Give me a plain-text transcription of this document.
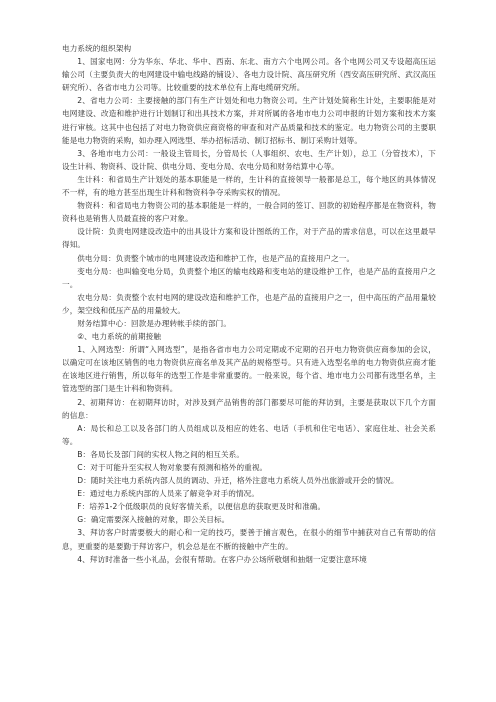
电力系统的组织架构

1、国家电网：分为华东、华北、华中、西南、东北、南方六个电网公司。各个电网公司又专设超高压运输公司（主要负责大的电网建设中输电线路的铺设）、各电力设计院、高压研究所（西安高压研究所、武汉高压研究所）、各省市电力公司等。比较重要的技术单位有上海电缆研究所。

2、省电力公司：主要接触的部门有生产计划处和电力物资公司。生产计划处简称生计处，主要职能是对电网建设、改造和维护进行计划制订和出具技术方案，并对所属的各地市电力公司申报的计划方案和技术方案进行审核。这其中也包括了对电力物资供应商资格的审查和对产品质量和技术的鉴定。电力物资公司的主要职能是电力物资的采购，如办理入网选型、举办招标活动、制订招标书、制订采购计划等。

3、各地市电力公司：一般设主管局长，分管局长（人事组织、农电、生产计划），总工（分管技术），下设生计科、物资科、设计院、供电分局、变电分局、农电分局和财务结算中心等。

生计科：和省局生产计划处的基本职能是一样的，生计科的直接领导一般都是总工，每个地区的具体情况不一样，有的地方甚至出现生计科和物资科争夺采购实权的情况。

物资科：和省局电力物资公司的基本职能是一样的，一般合同的签订、回款的初始程序都是在物资科，物资科也是销售人员最直接的客户对象。

设计院：负责电网建设改造中的出具设计方案和设计图纸的工作，对于产品的需求信息，可以在这里最早得知。

供电分局：负责整个城市的电网建设改造和维护工作，也是产品的直接用户之一。

变电分局：也叫输变电分局，负责整个地区的输电线路和变电站的建设维护工作，也是产品的直接用户之一。

农电分局：负责整个农村电网的建设改造和维护工作，也是产品的直接用户之一，但中高压的产品用量较少，架空线和低压产品的用量较大。

财务结算中心：回款是办理转帐手续的部门。

②、电力系统的前期接触

1、入网选型：所谓“入网选型”，是指各省市电力公司定期或不定期的召开电力物资供应商参加的会议，以确定可在该地区销售的电力物资供应商名单及其产品的规格型号。只有进入选型名单的电力物资供应商才能在该地区进行销售，所以每年的选型工作是非常重要的。一般来说，每个省、地市电力公司都有选型名单，主管选型的部门是生计科和物资科。

2、初期拜访：在初期拜访时，对涉及到产品销售的部门都要尽可能的拜访到，主要是获取以下几个方面的信息：

A：局长和总工以及各部门的人员组成以及相应的姓名、电话（手机和住宅电话）、家庭住址、社会关系等。

B：各局长及部门间的实权人物之间的相互关系。

C：对于可能升至实权人物对象要有预测和格外的重视。

D：随时关注电力系统内部人员的调动、升迁，格外注意电力系统人员外出旅游或开会的情况。

E：通过电力系统内部的人员来了解竞争对手的情况。

F：培养1-2个低级职员的良好客情关系，以便信息的获取更及时和准确。

G：确定需要深入接触的对象，即公关目标。

3、拜访客户时需要极大的耐心和一定的技巧，要善于捕言观色，在很小的细节中捕获对自己有帮助的信息，更重要的是要勤于拜访客户，机会总是在不断的接触中产生的。

4、拜访时准备一些小礼品，会很有帮助。在客户办公场所敬烟和抽烟一定要注意环境
